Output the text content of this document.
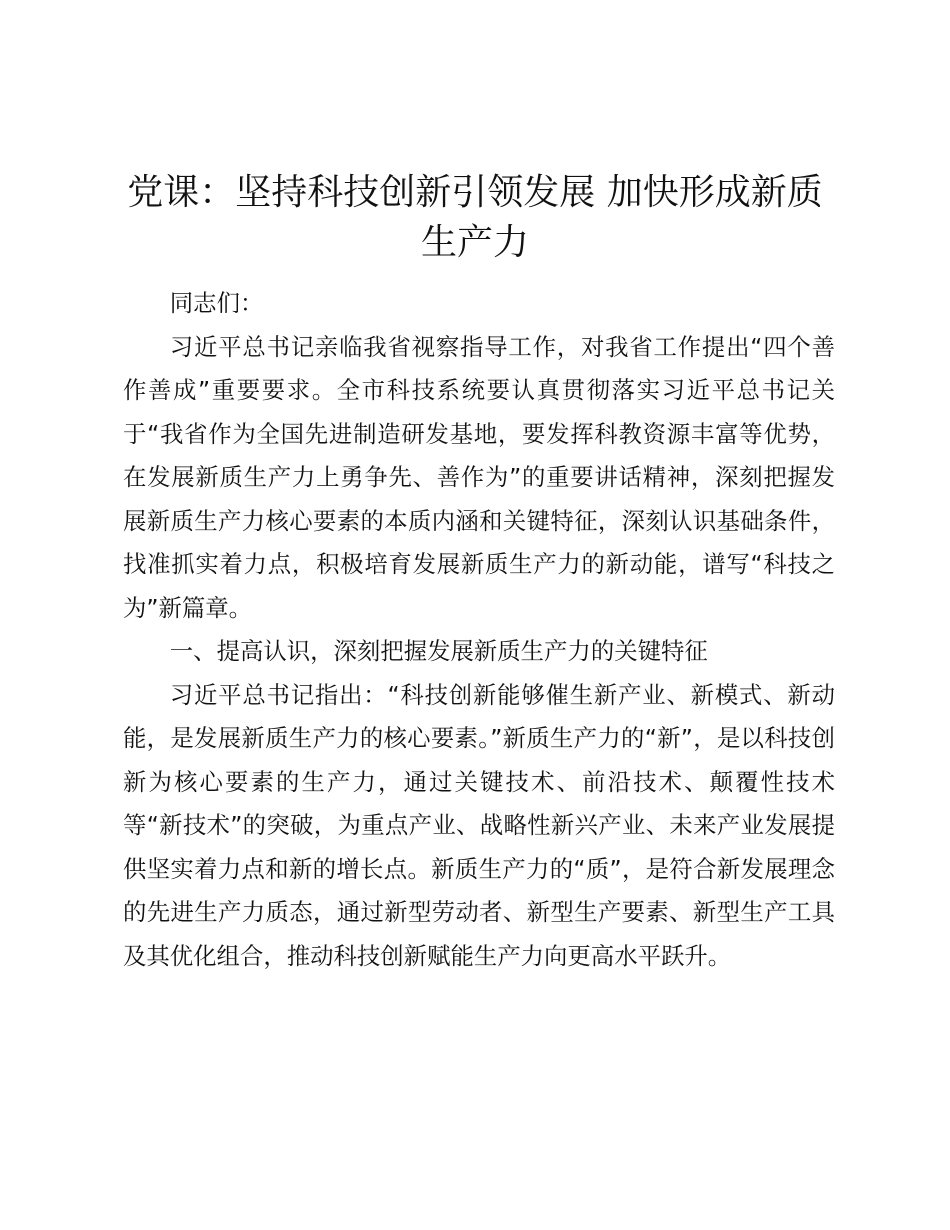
党课：坚持科技创新引领发展 加快形成新质生产力

同志们：

习近平总书记亲临我省视察指导工作，对我省工作提出“四个善作善成”重要要求。全市科技系统要认真贯彻落实习近平总书记关于“我省作为全国先进制造研发基地，要发挥科教资源丰富等优势，在发展新质生产力上勇争先、善作为”的重要讲话精神，深刻把握发展新质生产力核心要素的本质内涵和关键特征，深刻认识基础条件，找准抓实着力点，积极培育发展新质生产力的新动能，谱写“科技之为”新篇章。

一、提高认识，深刻把握发展新质生产力的关键特征

习近平总书记指出：“科技创新能够催生新产业、新模式、新动能，是发展新质生产力的核心要素。”新质生产力的“新”，是以科技创新为核心要素的生产力，通过关键技术、前沿技术、颠覆性技术等“新技术”的突破，为重点产业、战略性新兴产业、未来产业发展提供坚实着力点和新的增长点。新质生产力的“质”，是符合新发展理念的先进生产力质态，通过新型劳动者、新型生产要素、新型生产工具及其优化组合，推动科技创新赋能生产力向更高水平跃升。
